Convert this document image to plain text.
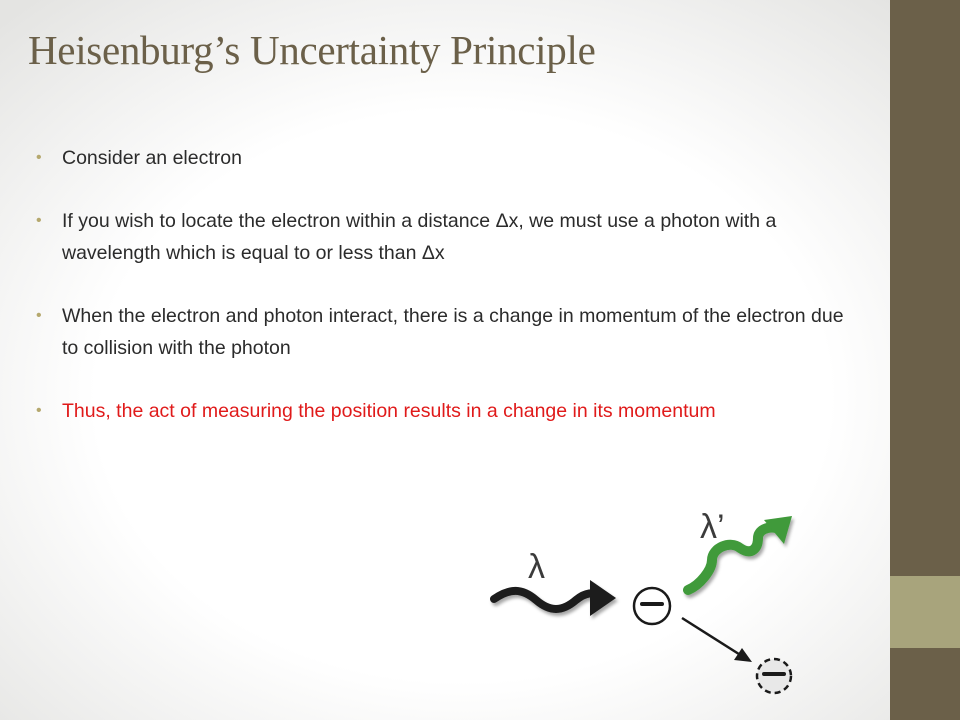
Heisenburg’s Uncertainty Principle
• Consider an electron
• If you wish to locate the electron within a distance Δx, we must use a photon with a wavelength which is equal to or less than Δx
• When the electron and photon interact, there is a change in momentum of the electron due to collision with the photon
• Thus, the act of measuring the position results in a change in its momentum
λ
λ’
